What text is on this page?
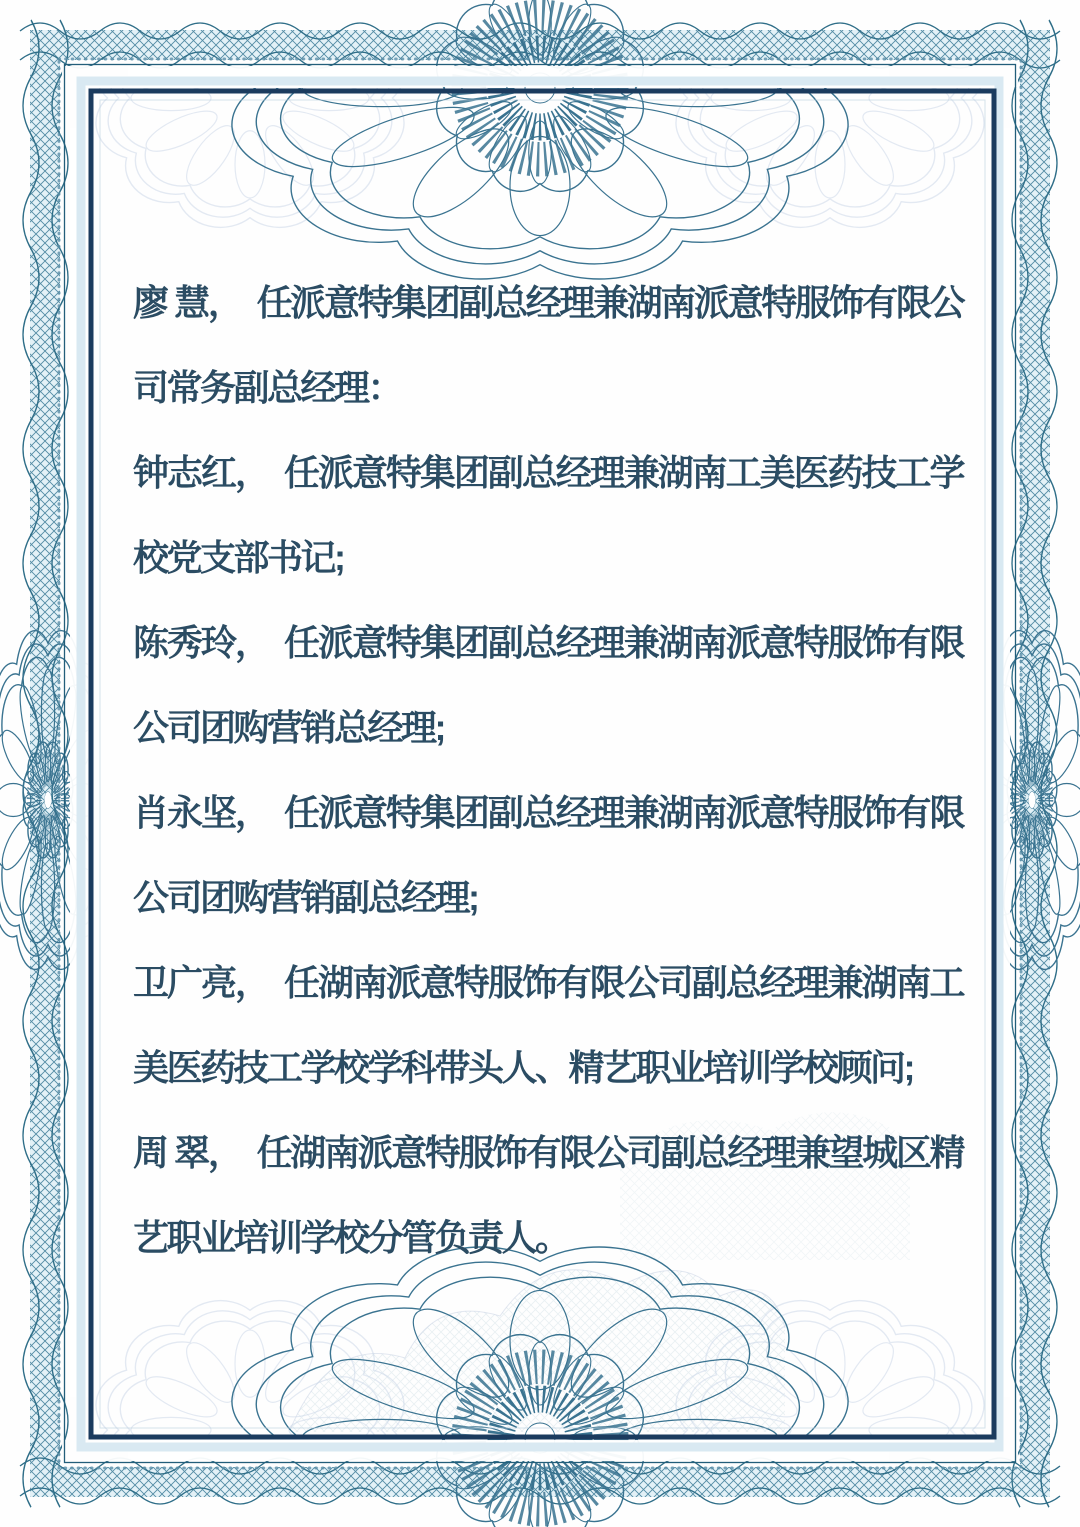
廖 慧， 任派意特集团副总经理兼湖南派意特服饰有限公司常务副总经理：

钟志红， 任派意特集团副总经理兼湖南工美医药技工学校党支部书记;

陈秀玲， 任派意特集团副总经理兼湖南派意特服饰有限公司团购营销总经理;

肖永坚， 任派意特集团副总经理兼湖南派意特服饰有限公司团购营销副总经理;

卫广亮， 任湖南派意特服饰有限公司副总经理兼湖南工美医药技工学校学科带头人、精艺职业培训学校顾问;

周 翠， 任湖南派意特服饰有限公司副总经理兼望城区精艺职业培训学校分管负责人。
